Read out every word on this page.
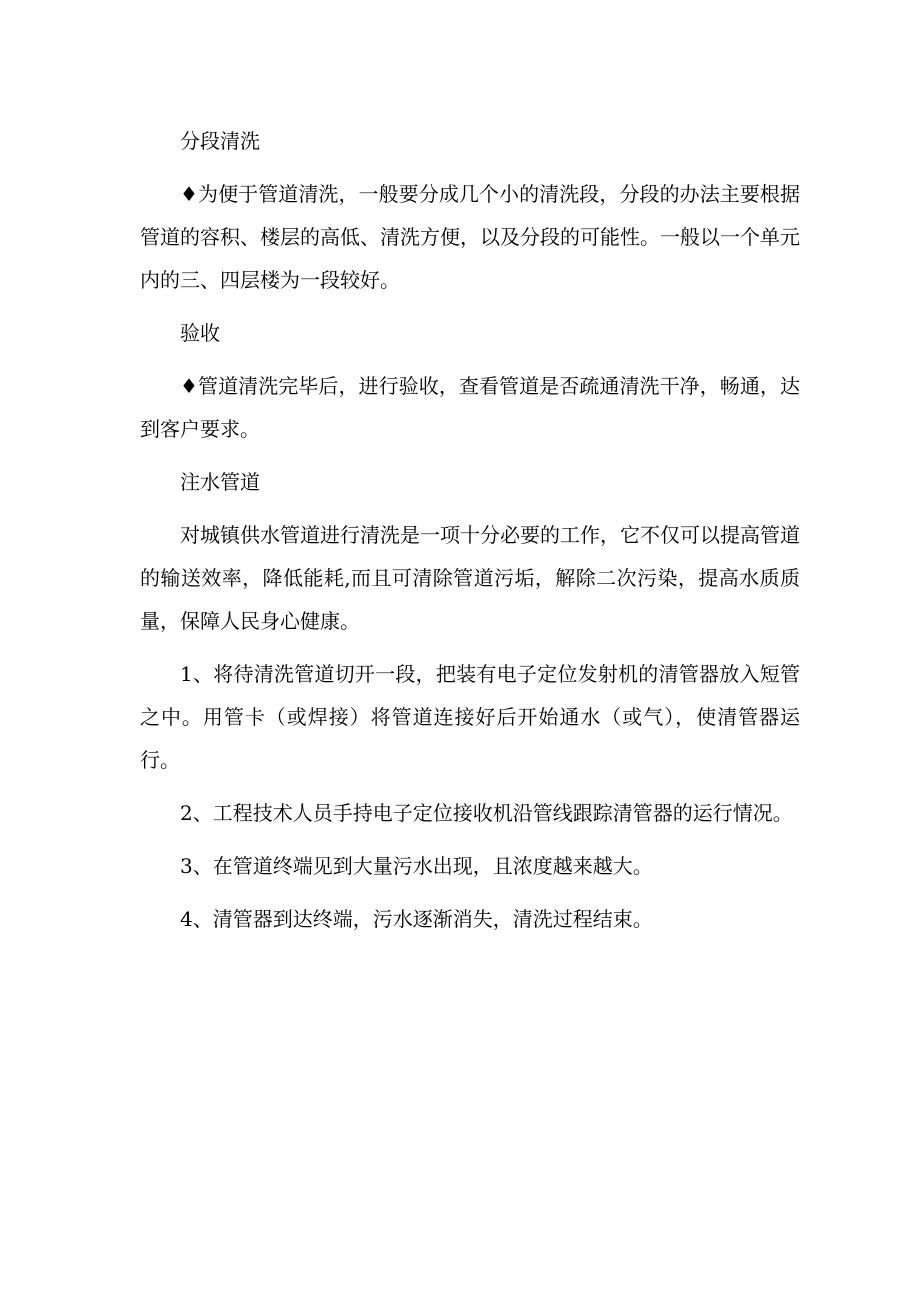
分段清洗

♦为便于管道清洗，一般要分成几个小的清洗段，分段的办法主要根据管道的容积、楼层的高低、清洗方便，以及分段的可能性。一般以一个单元内的三、四层楼为一段较好。

验收

♦管道清洗完毕后，进行验收，查看管道是否疏通清洗干净，畅通，达到客户要求。

注水管道

对城镇供水管道进行清洗是一项十分必要的工作，它不仅可以提高管道的输送效率，降低能耗,而且可清除管道污垢，解除二次污染，提高水质质量，保障人民身心健康。

1、将待清洗管道切开一段，把装有电子定位发射机的清管器放入短管之中。用管卡（或焊接）将管道连接好后开始通水（或气），使清管器运行。

2、工程技术人员手持电子定位接收机沿管线跟踪清管器的运行情况。

3、在管道终端见到大量污水出现，且浓度越来越大。

4、清管器到达终端，污水逐渐消失，清洗过程结束。
